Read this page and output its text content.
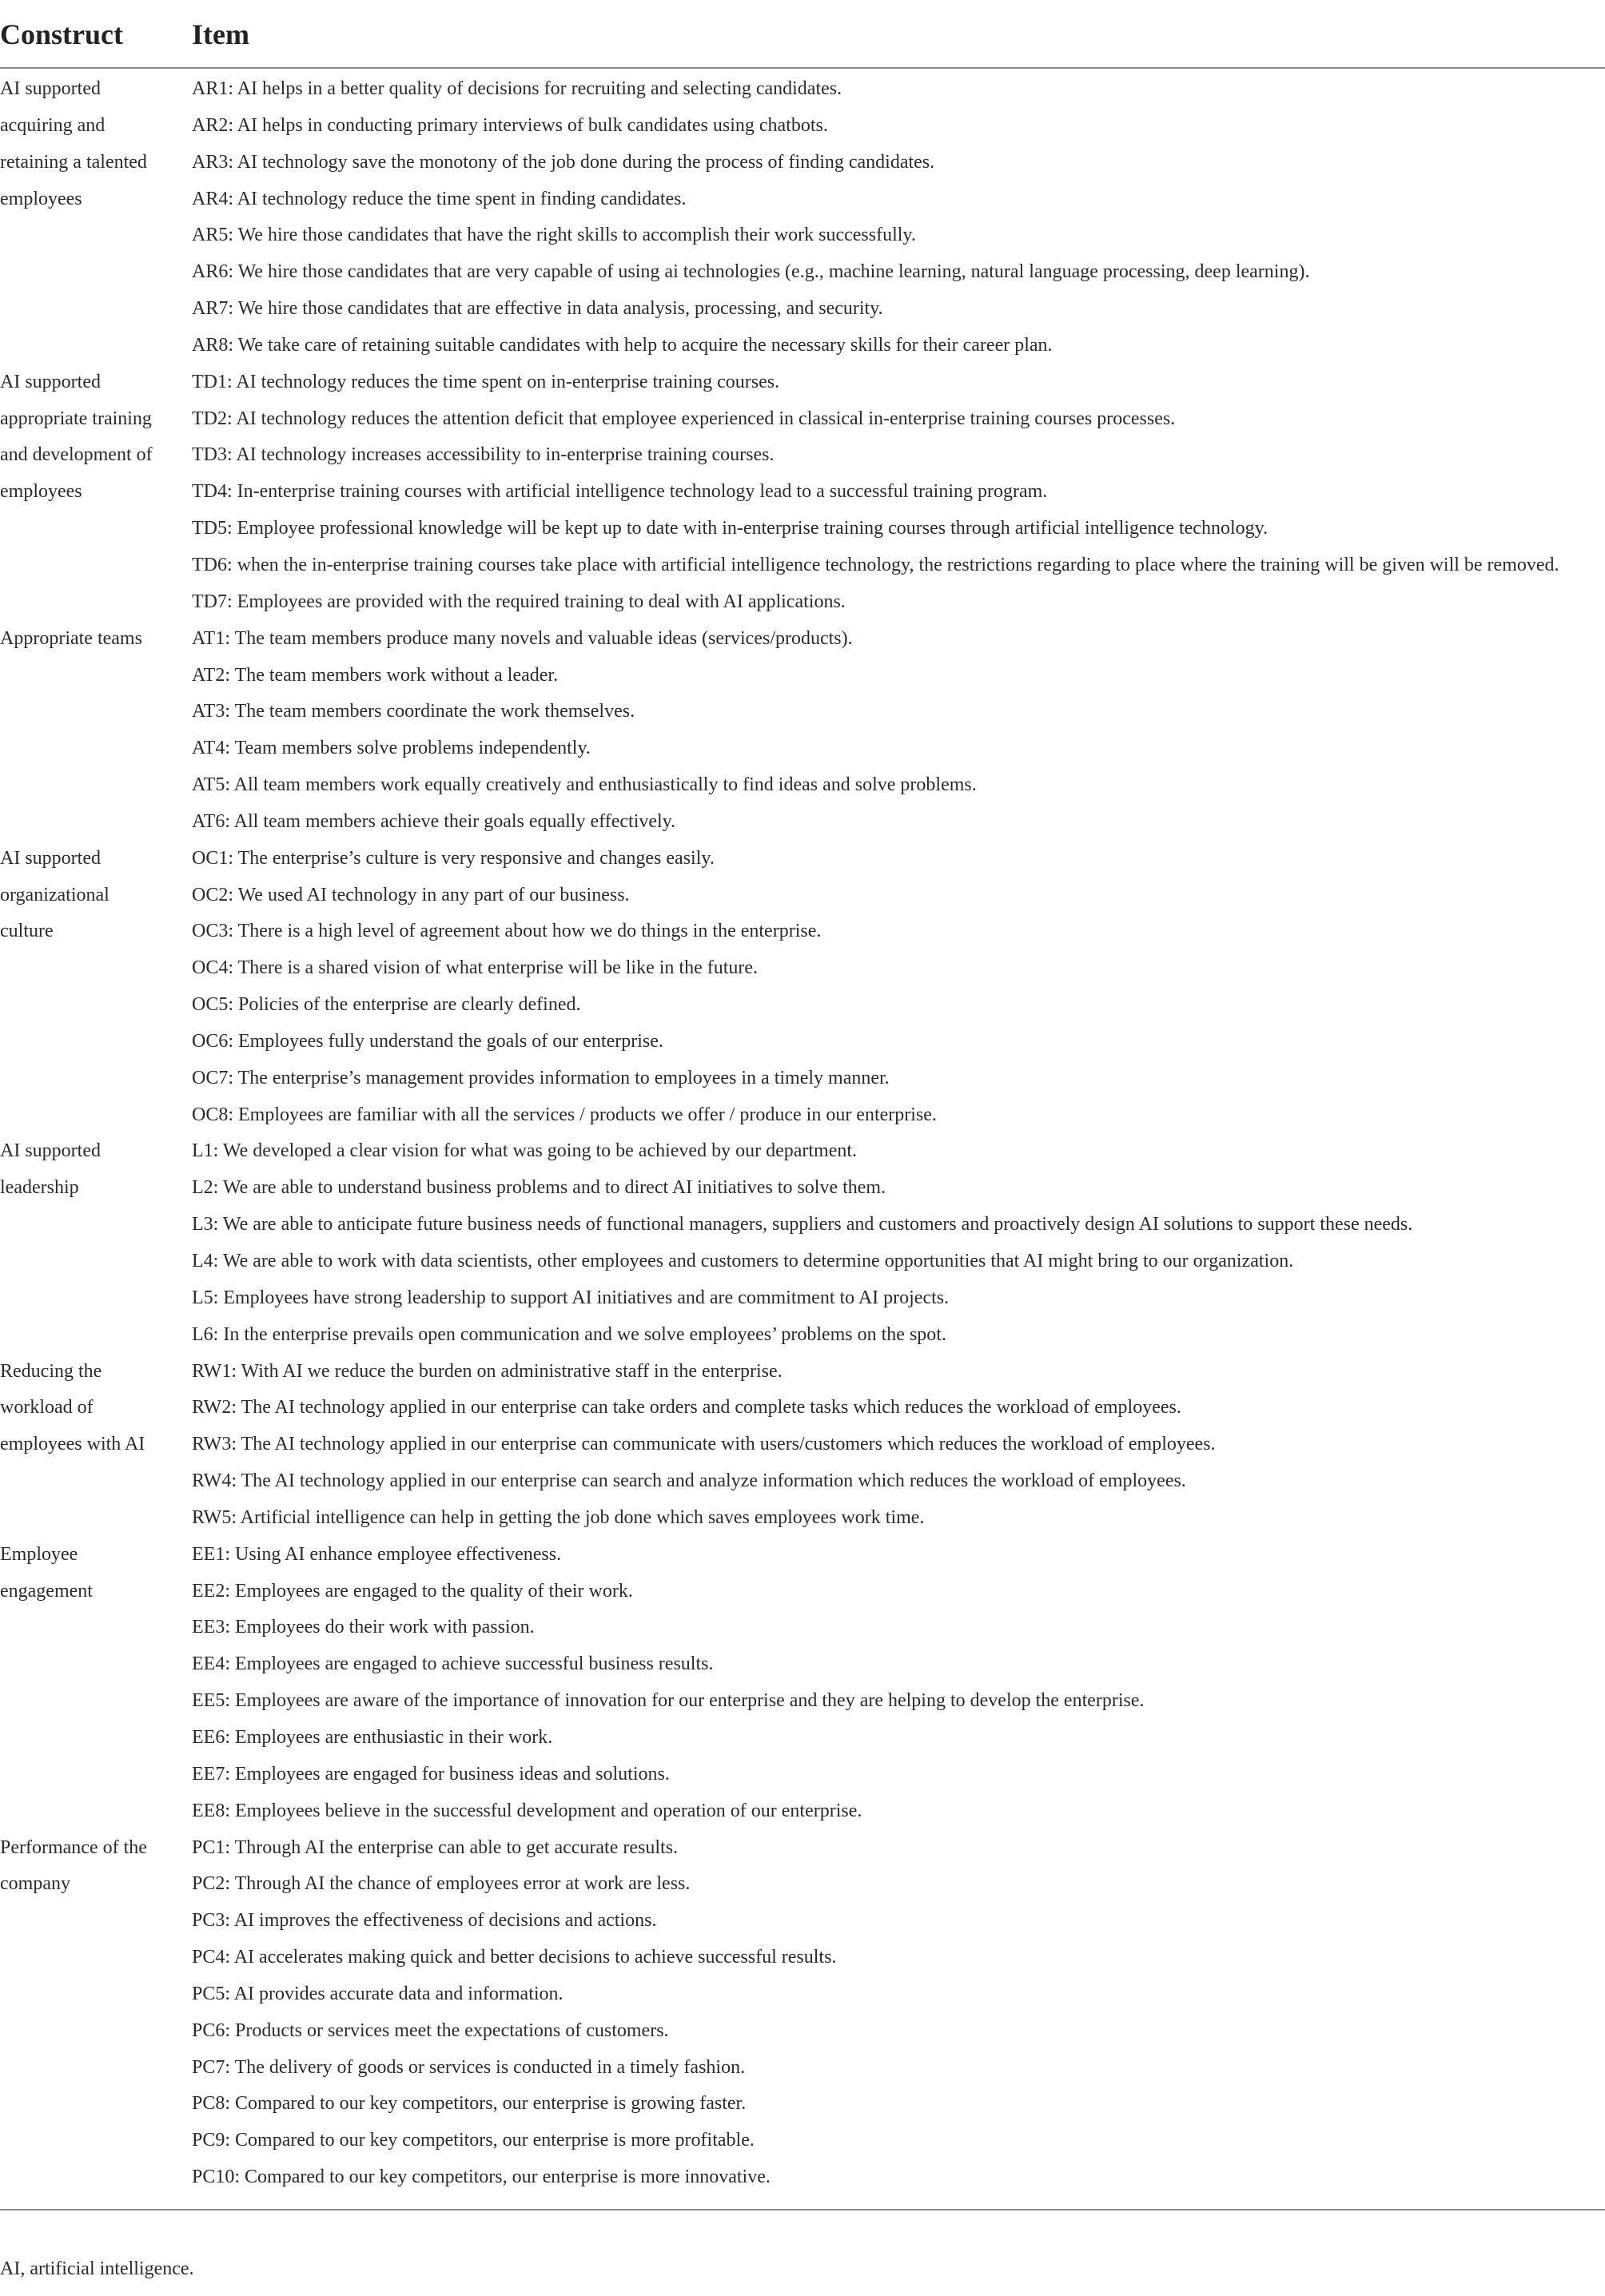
Construct Item
AI supported
acquiring and
retaining a talented
employees
AR1: AI helps in a better quality of decisions for recruiting and selecting candidates.
AR2: AI helps in conducting primary interviews of bulk candidates using chatbots.
AR3: AI technology save the monotony of the job done during the process of finding candidates.
AR4: AI technology reduce the time spent in finding candidates.
AR5: We hire those candidates that have the right skills to accomplish their work successfully.
AR6: We hire those candidates that are very capable of using ai technologies (e.g., machine learning, natural language processing, deep learning).
AR7: We hire those candidates that are effective in data analysis, processing, and security.
AR8: We take care of retaining suitable candidates with help to acquire the necessary skills for their career plan.
AI supported
appropriate training
and development of
employees
TD1: AI technology reduces the time spent on in-enterprise training courses.
TD2: AI technology reduces the attention deficit that employee experienced in classical in-enterprise training courses processes.
TD3: AI technology increases accessibility to in-enterprise training courses.
TD4: In-enterprise training courses with artificial intelligence technology lead to a successful training program.
TD5: Employee professional knowledge will be kept up to date with in-enterprise training courses through artificial intelligence technology.
TD6: when the in-enterprise training courses take place with artificial intelligence technology, the restrictions regarding to place where the training will be given will be removed.
TD7: Employees are provided with the required training to deal with AI applications.
Appropriate teams	AT1: The team members produce many novels and valuable ideas (services/products).
AT2: The team members work without a leader.
AT3: The team members coordinate the work themselves.
AT4: Team members solve problems independently.
AT5: All team members work equally creatively and enthusiastically to find ideas and solve problems.
AT6: All team members achieve their goals equally effectively.
AI supported
organizational
culture
OC1: The enterprise’s culture is very responsive and changes easily.
OC2: We used AI technology in any part of our business.
OC3: There is a high level of agreement about how we do things in the enterprise.
OC4: There is a shared vision of what enterprise will be like in the future.
OC5: Policies of the enterprise are clearly defined.
OC6: Employees fully understand the goals of our enterprise.
OC7: The enterprise’s management provides information to employees in a timely manner.
OC8: Employees are familiar with all the services / products we offer / produce in our enterprise.
AI supported
leadership
L1: We developed a clear vision for what was going to be achieved by our department.
L2: We are able to understand business problems and to direct AI initiatives to solve them.
L3: We are able to anticipate future business needs of functional managers, suppliers and customers and proactively design AI solutions to support these needs.
L4: We are able to work with data scientists, other employees and customers to determine opportunities that AI might bring to our organization.
L5: Employees have strong leadership to support AI initiatives and are commitment to AI projects.
L6: In the enterprise prevails open communication and we solve employees’ problems on the spot.
Reducing the
workload of
employees with AI
RW1: With AI we reduce the burden on administrative staff in the enterprise.
RW2: The AI technology applied in our enterprise can take orders and complete tasks which reduces the workload of employees.
RW3: The AI technology applied in our enterprise can communicate with users/customers which reduces the workload of employees.
RW4: The AI technology applied in our enterprise can search and analyze information which reduces the workload of employees.
RW5: Artificial intelligence can help in getting the job done which saves employees work time.
Employee
engagement
EE1: Using AI enhance employee effectiveness.
EE2: Employees are engaged to the quality of their work.
EE3: Employees do their work with passion.
EE4: Employees are engaged to achieve successful business results.
EE5: Employees are aware of the importance of innovation for our enterprise and they are helping to develop the enterprise.
EE6: Employees are enthusiastic in their work.
EE7: Employees are engaged for business ideas and solutions.
EE8: Employees believe in the successful development and operation of our enterprise.
Performance of the
company
PC1: Through AI the enterprise can able to get accurate results.
PC2: Through AI the chance of employees error at work are less.
PC3: AI improves the effectiveness of decisions and actions.
PC4: AI accelerates making quick and better decisions to achieve successful results.
PC5: AI provides accurate data and information.
PC6: Products or services meet the expectations of customers.
PC7: The delivery of goods or services is conducted in a timely fashion.
PC8: Compared to our key competitors, our enterprise is growing faster.
PC9: Compared to our key competitors, our enterprise is more profitable.
PC10: Compared to our key competitors, our enterprise is more innovative.
AI, artificial intelligence.
